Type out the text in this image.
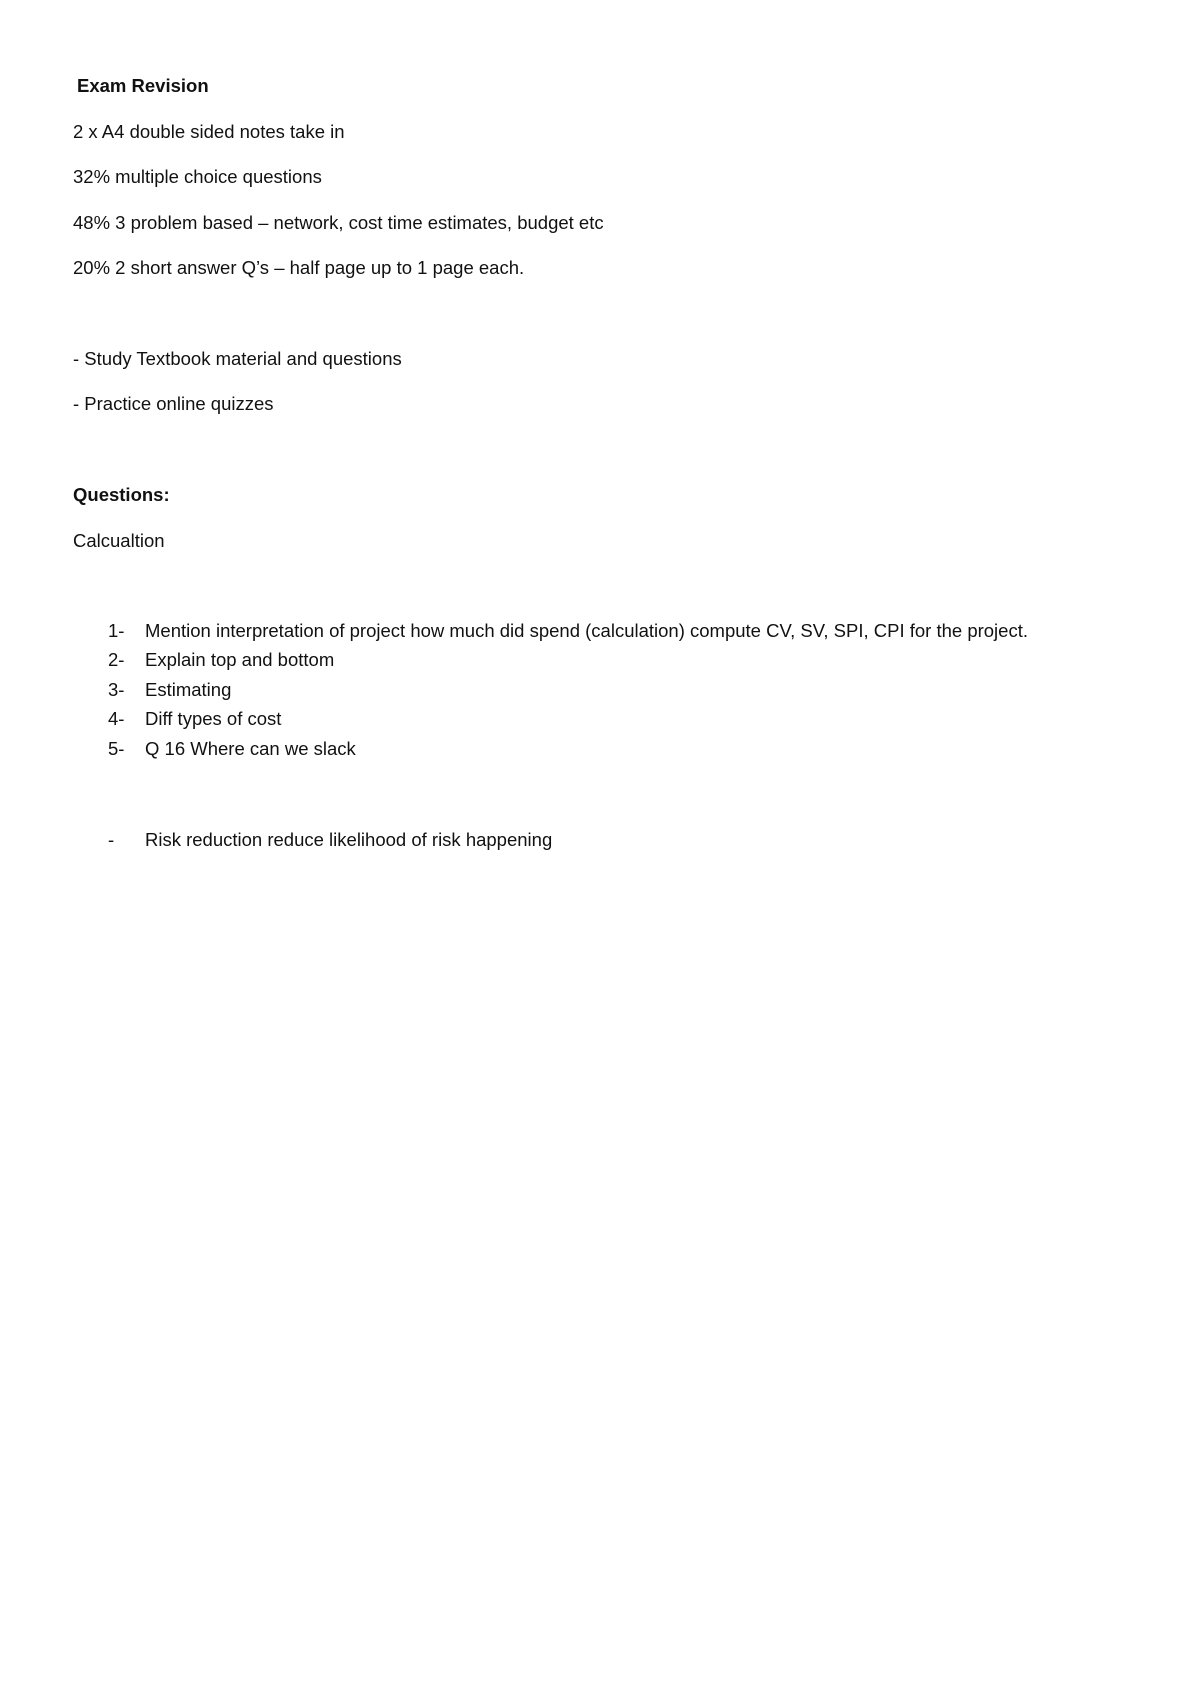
Exam Revision
2 x A4 double sided notes take in
32% multiple choice questions
48% 3 problem based – network, cost time estimates, budget etc
20% 2 short answer Q’s – half page up to 1 page each.
- Study Textbook material and questions
- Practice online quizzes
Questions:
Calcualtion
1- Mention interpretation of project how much did spend (calculation) compute CV, SV, SPI, CPI for the project.
2- Explain top and bottom
3- Estimating
4- Diff types of cost
5- Q 16 Where can we slack
- Risk reduction reduce likelihood of risk happening
